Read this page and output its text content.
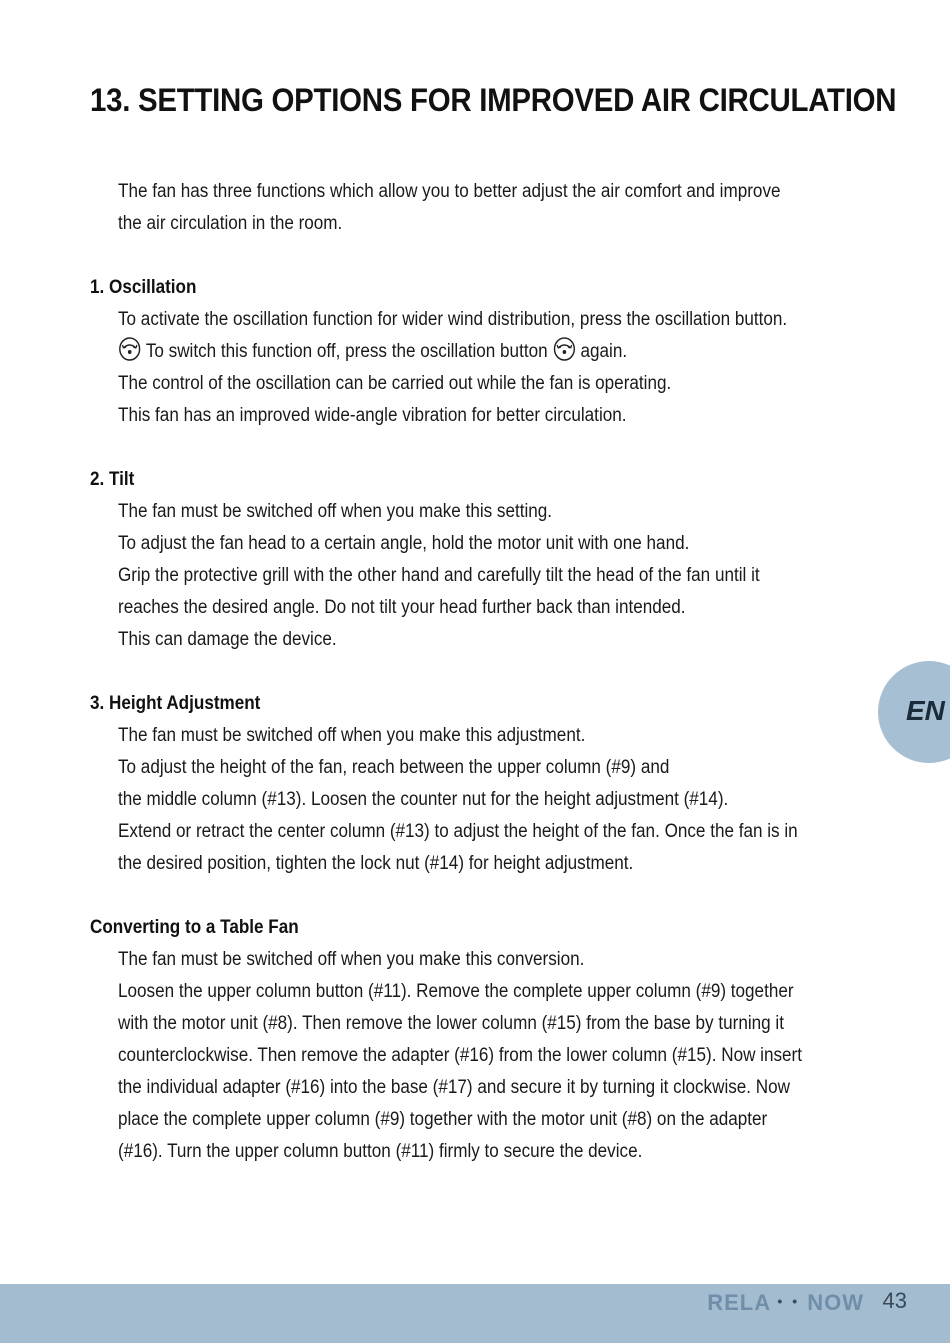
13. SETTING OPTIONS FOR IMPROVED AIR CIRCULATION

The fan has three functions which allow you to better adjust the air comfort and improve

the air circulation in the room.

1. Oscillation

To activate the oscillation function for wider wind distribution, press the oscillation button.

To switch this function off, press the oscillation button  again.

The control of the oscillation can be carried out while the fan is operating.

This fan has an improved wide-angle vibration for better circulation.

2. Tilt

The fan must be switched off when you make this setting.

To adjust the fan head to a certain angle, hold the motor unit with one hand.

Grip the protective grill with the other hand and carefully tilt the head of the fan until it

reaches the desired angle. Do not tilt your head further back than intended.

This can damage the device.

3. Height Adjustment

The fan must be switched off when you make this adjustment.

To adjust the height of the fan, reach between the upper column (#9) and

the middle column (#13). Loosen the counter nut for the height adjustment (#14).

Extend or retract the center column (#13) to adjust the height of the fan. Once the fan is in

the desired position, tighten the lock nut (#14) for height adjustment.

Converting to a Table Fan

The fan must be switched off when you make this conversion.

Loosen the upper column button (#11). Remove the complete upper column (#9) together

with the motor unit (#8). Then remove the lower column (#15) from the base by turning it

counterclockwise. Then remove the adapter (#16) from the lower column (#15). Now insert

the individual adapter (#16) into the base (#17) and secure it by turning it clockwise. Now

place the complete upper column (#9) together with the motor unit (#8) on the adapter

(#16). Turn the upper column button (#11) firmly to secure the device.

EN
RELA • • NOW 43
